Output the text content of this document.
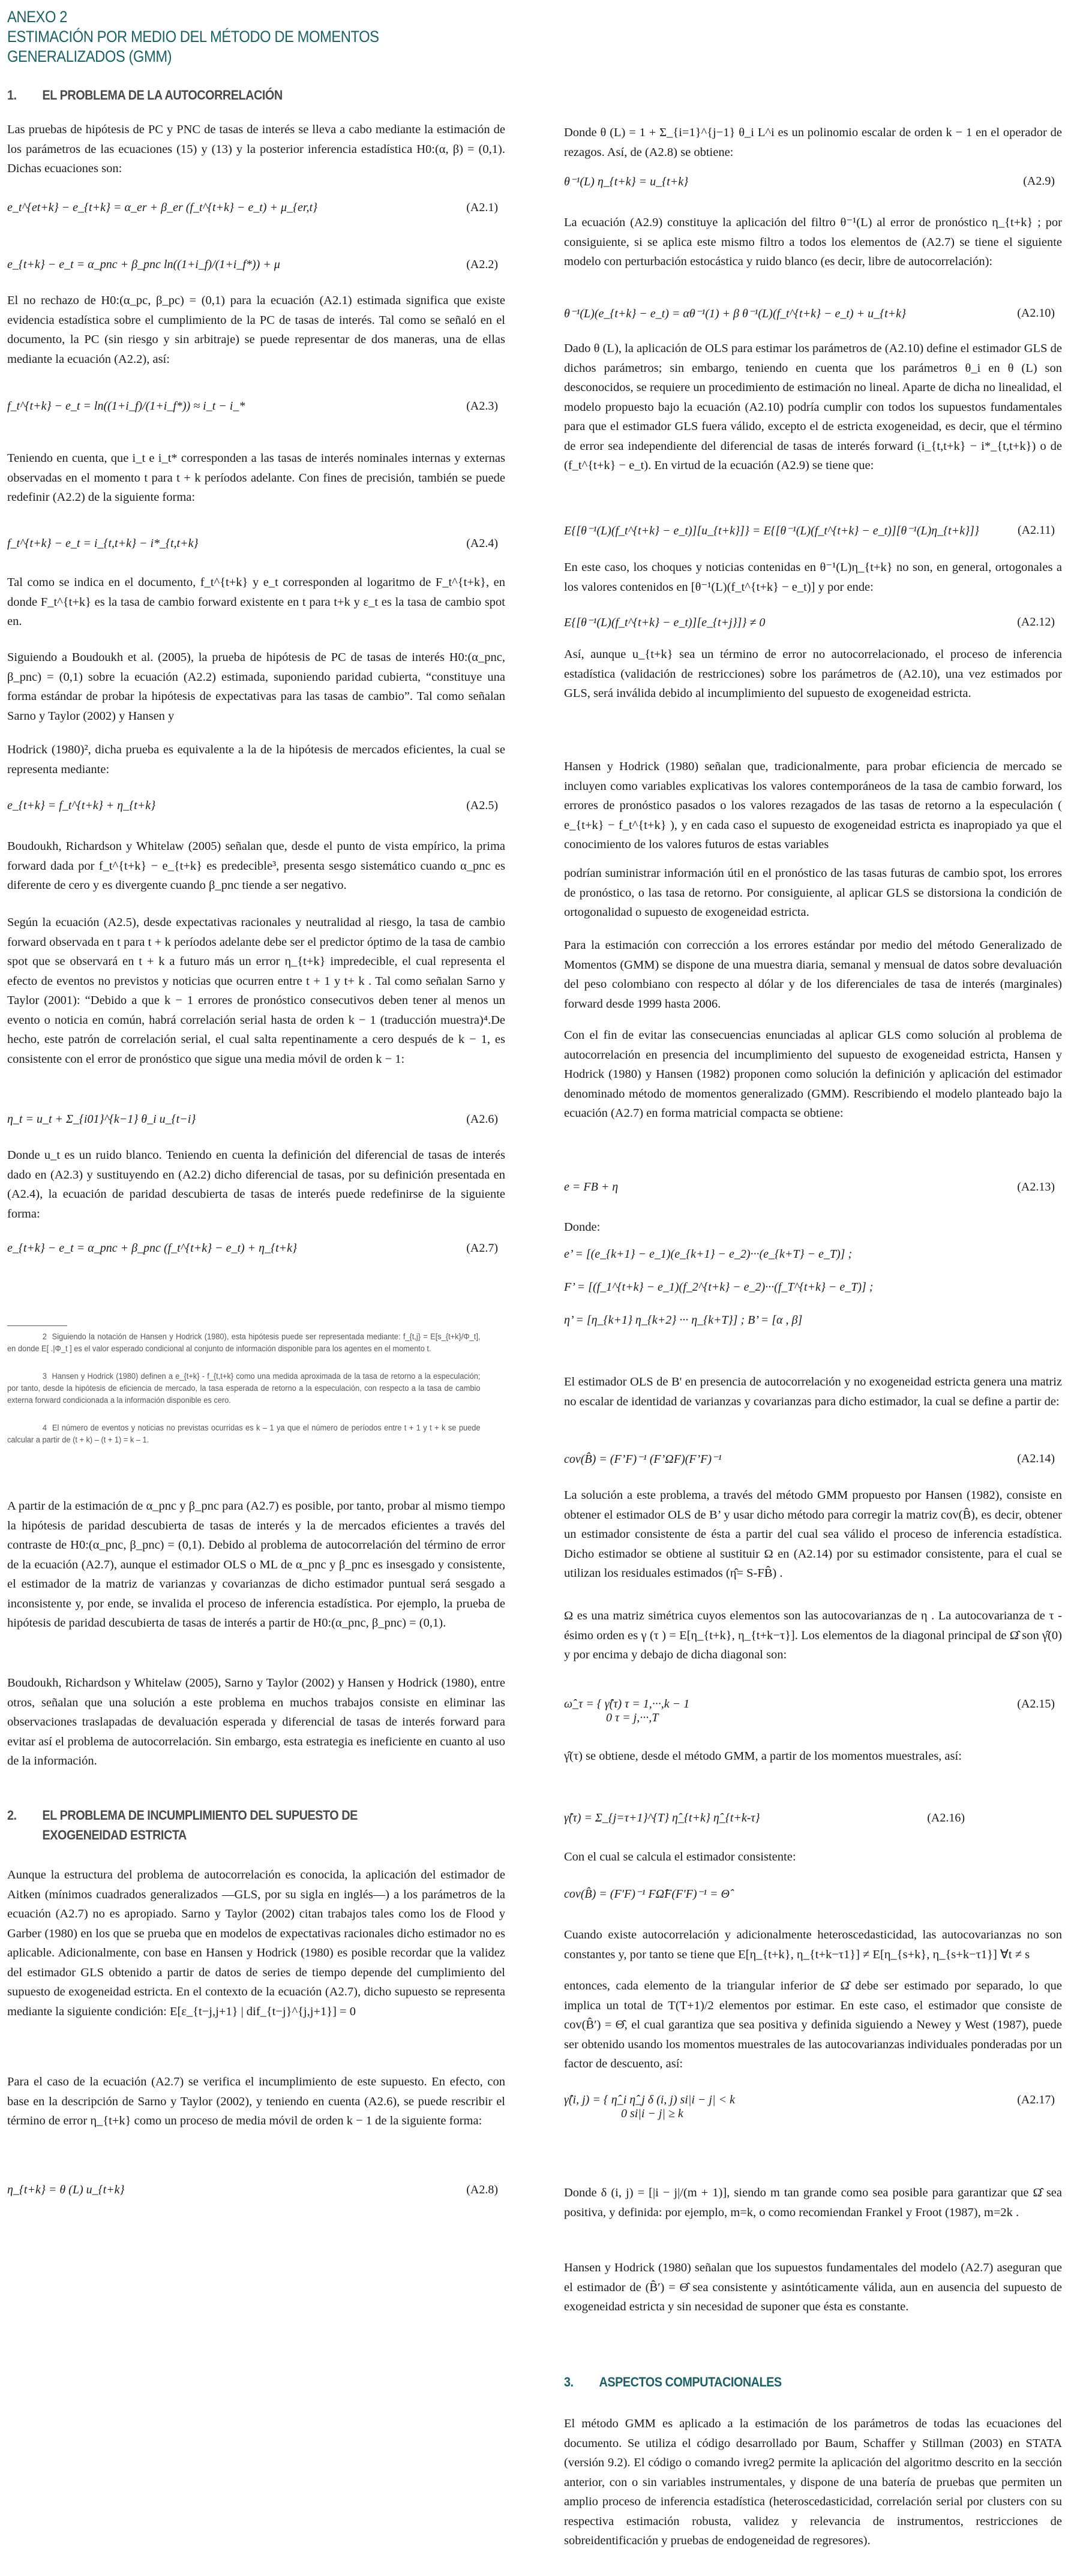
ANEXO 2
ESTIMACIÓN POR MEDIO DEL MÉTODO DE MOMENTOS
GENERALIZADOS (GMM)
1.	EL PROBLEMA DE LA AUTOCORRELACIÓN

Las pruebas de hipótesis de PC y PNC de tasas de interés se lleva a cabo mediante la estimación de los parámetros de las ecuaciones (15) y (13) y la posterior inferencia estadística H0:(α, β) = (0,1). Dichas ecuaciones son:

e_t^{et+k} − e_{t+k} = α_er + β_er (f_t^{t+k} − e_t) + μ_{er,t}	(A2.1)
e_{t+k} − e_t = α_pnc + β_pnc ln((1+i_f)/(1+i_f*)) + μ	(A2.2)

El no rechazo de H0:(α_pc, β_pc) = (0,1) para la ecuación (A2.1) estimada significa que existe evidencia estadística sobre el cumplimiento de la PC de tasas de interés. Tal como se señaló en el documento, la PC (sin riesgo y sin arbitraje) se puede representar de dos maneras, una de ellas mediante la ecuación (A2.2), así:

f_t^{t+k} − e_t = ln((1+i_f)/(1+i_f*)) ≈ i_t − i_*	(A2.3)

Teniendo en cuenta, que i_t e i_t* corresponden a las tasas de interés nominales internas y externas observadas en el momento t para t + k períodos adelante. Con fines de precisión, también se puede redefinir (A2.2) de la siguiente forma:

f_t^{t+k} − e_t = i_{t,t+k} − i*_{t,t+k}	(A2.4)

Tal como se indica en el documento, f_t^{t+k} y e_t corresponden al logaritmo de F_t^{t+k}, en donde F_t^{t+k} es la tasa de cambio forward existente en t para t+k y ε_t es la tasa de cambio spot en.

Siguiendo a Boudoukh et al. (2005), la prueba de hipótesis de PC de tasas de interés H0:(α_pnc, β_pnc) = (0,1) sobre la ecuación (A2.2) estimada, suponiendo paridad cubierta, “constituye una forma estándar de probar la hipótesis de expectativas para las tasas de cambio”. Tal como señalan Sarno y Taylor (2002) y Hansen y

Hodrick (1980)², dicha prueba es equivalente a la de la hipótesis de mercados eficientes, la cual se representa mediante:

e_{t+k} = f_t^{t+k} + η_{t+k}	(A2.5)

Boudoukh, Richardson y Whitelaw (2005) señalan que, desde el punto de vista empírico, la prima forward dada por f_t^{t+k} − e_{t+k} es predecible³, presenta sesgo sistemático cuando α_pnc es diferente de cero y es divergente cuando β_pnc tiende a ser negativo.

Según la ecuación (A2.5), desde expectativas racionales y neutralidad al riesgo, la tasa de cambio forward observada en t para t + k períodos adelante debe ser el predictor óptimo de la tasa de cambio spot que se observará en t + k a futuro más un error η_{t+k} impredecible, el cual representa el efecto de eventos no previstos y noticias que ocurren entre t + 1 y t+ k . Tal como señalan Sarno y Taylor (2001): “Debido a que k − 1 errores de pronóstico consecutivos deben tener al menos un evento o noticia en común, habrá correlación serial hasta de orden k − 1 (traducción muestra)⁴.De hecho, este patrón de correlación serial, el cual salta repentinamente a cero después de k − 1, es consistente con el error de pronóstico que sigue una media móvil de orden k − 1:

η_t = u_t + Σ_{i01}^{k−1} θ_i u_{t−i}	(A2.6)

Donde u_t es un ruido blanco. Teniendo en cuenta la definición del diferencial de tasas de interés dado en (A2.3) y sustituyendo en (A2.2) dicho diferencial de tasas, por su definición presentada en (A2.4), la ecuación de paridad descubierta de tasas de interés puede redefinirse de la siguiente forma:

e_{t+k} − e_t = α_pnc + β_pnc (f_t^{t+k} − e_t) + η_{t+k}	(A2.7)

2 Siguiendo la notación de Hansen y Hodrick (1980), esta hipótesis puede ser representada mediante: f_{t,j} = E[s_{t+k}/Φ_t], en donde E[ .|Φ_t ] es el valor esperado condicional al conjunto de información disponible para los agentes en el momento t.

3 Hansen y Hodrick (1980) definen a e_{t+k} - f_{t,t+k} como una medida aproximada de la tasa de retorno a la especulación; por tanto, desde la hipótesis de eficiencia de mercado, la tasa esperada de retorno a la especulación, con respecto a la tasa de cambio externa forward condicionada a la información disponible es cero.

4 El número de eventos y noticias no previstas ocurridas es k – 1 ya que el número de períodos entre t + 1 y t + k se puede calcular a partir de (t + k) – (t + 1) = k – 1.

A partir de la estimación de α_pnc y β_pnc para (A2.7) es posible, por tanto, probar al mismo tiempo la hipótesis de paridad descubierta de tasas de interés y la de mercados eficientes a través del contraste de H0:(α_pnc, β_pnc) = (0,1). Debido al problema de autocorrelación del término de error de la ecuación (A2.7), aunque el estimador OLS o ML de α_pnc y β_pnc es insesgado y consistente, el estimador de la matriz de varianzas y covarianzas de dicho estimador puntual será sesgado a inconsistente y, por ende, se invalida el proceso de inferencia estadística. Por ejemplo, la prueba de hipótesis de paridad descubierta de tasas de interés a partir de H0:(α_pnc, β_pnc) = (0,1).

Boudoukh, Richardson y Whitelaw (2005), Sarno y Taylor (2002) y Hansen y Hodrick (1980), entre otros, señalan que una solución a este problema en muchos trabajos consiste en eliminar las observaciones traslapadas de devaluación esperada y diferencial de tasas de interés forward para evitar así el problema de autocorrelación. Sin embargo, esta estrategia es ineficiente en cuanto al uso de la información.

2.	EL PROBLEMA DE INCUMPLIMIENTO DEL SUPUESTO DE
EXOGENEIDAD ESTRICTA

Aunque la estructura del problema de autocorrelación es conocida, la aplicación del estimador de Aitken (mínimos cuadrados generalizados —GLS, por su sigla en inglés—) a los parámetros de la ecuación (A2.7) no es apropiado. Sarno y Taylor (2002) citan trabajos tales como los de Flood y Garber (1980) en los que se prueba que en modelos de expectativas racionales dicho estimador no es aplicable. Adicionalmente, con base en Hansen y Hodrick (1980) es posible recordar que la validez del estimador GLS obtenido a partir de datos de series de tiempo depende del cumplimiento del supuesto de exogeneidad estricta. En el contexto de la ecuación (A2.7), dicho supuesto se representa mediante la siguiente condición: E[ε_{t−j,j+1} | dif_{t−j}^{j,j+1}] = 0

Para el caso de la ecuación (A2.7) se verifica el incumplimiento de este supuesto. En efecto, con base en la descripción de Sarno y Taylor (2002), y teniendo en cuenta (A2.6), se puede rescribir el término de error η_{t+k} como un proceso de media móvil de orden k − 1 de la siguiente forma:

η_{t+k} = θ (L) u_{t+k}	(A2.8)

Donde θ (L) = 1 + Σ_{i=1}^{j−1} θ_i L^i es un polinomio escalar de orden k − 1 en el operador de rezagos. Así, de (A2.8) se obtiene:

θ⁻¹(L) η_{t+k} = u_{t+k}	(A2.9)

La ecuación (A2.9) constituye la aplicación del filtro θ⁻¹(L) al error de pronóstico η_{t+k} ; por consiguiente, si se aplica este mismo filtro a todos los elementos de (A2.7) se tiene el siguiente modelo con perturbación estocástica y ruido blanco (es decir, libre de autocorrelación):

θ⁻¹(L)(e_{t+k} − e_t) = αθ⁻¹(1) + β θ⁻¹(L)(f_t^{t+k} − e_t) + u_{t+k}	(A2.10)

Dado θ (L), la aplicación de OLS para estimar los parámetros de (A2.10) define el estimador GLS de dichos parámetros; sin embargo, teniendo en cuenta que los parámetros θ_i en θ (L) son desconocidos, se requiere un procedimiento de estimación no lineal. Aparte de dicha no linealidad, el modelo propuesto bajo la ecuación (A2.10) podría cumplir con todos los supuestos fundamentales para que el estimador GLS fuera válido, excepto el de estricta exogeneidad, es decir, que el término de error sea independiente del diferencial de tasas de interés forward (i_{t,t+k} − i*_{t,t+k}) o de (f_t^{t+k} − e_t). En virtud de la ecuación (A2.9) se tiene que:

E{[θ⁻¹(L)(f_t^{t+k} − e_t)][u_{t+k}]} = E{[θ⁻¹(L)(f_t^{t+k} − e_t)][θ⁻¹(L)η_{t+k}]}	(A2.11)

En este caso, los choques y noticias contenidas en θ⁻¹(L)η_{t+k} no son, en general, ortogonales a los valores contenidos en [θ⁻¹(L)(f_t^{t+k} − e_t)] y por ende:

E{[θ⁻¹(L)(f_t^{t+k} − e_t)][e_{t+j}]} ≠ 0	(A2.12)

Así, aunque u_{t+k} sea un término de error no autocorrelacionado, el proceso de inferencia estadística (validación de restricciones) sobre los parámetros de (A2.10), una vez estimados por GLS, será inválida debido al incumplimiento del supuesto de exogeneidad estricta.

Hansen y Hodrick (1980) señalan que, tradicionalmente, para probar eficiencia de mercado se incluyen como variables explicativas los valores contemporáneos de la tasa de cambio forward, los errores de pronóstico pasados o los valores rezagados de las tasas de retorno a la especulación ( e_{t+k} − f_t^{t+k} ), y en cada caso el supuesto de exogeneidad estricta es inapropiado ya que el conocimiento de los valores futuros de estas variables

podrían suministrar información útil en el pronóstico de las tasas futuras de cambio spot, los errores de pronóstico, o las tasa de retorno. Por consiguiente, al aplicar GLS se distorsiona la condición de ortogonalidad o supuesto de exogeneidad estricta.

Para la estimación con corrección a los errores estándar por medio del método Generalizado de Momentos (GMM) se dispone de una muestra diaria, semanal y mensual de datos sobre devaluación del peso colombiano con respecto al dólar y de los diferenciales de tasa de interés (marginales) forward desde 1999 hasta 2006.

Con el fin de evitar las consecuencias enunciadas al aplicar GLS como solución al problema de autocorrelación en presencia del incumplimiento del supuesto de exogeneidad estricta, Hansen y Hodrick (1980) y Hansen (1982) proponen como solución la definición y aplicación del estimador denominado método de momentos generalizado (GMM). Rescribiendo el modelo planteado bajo la ecuación (A2.7) en forma matricial compacta se obtiene:

e = FB + η	(A2.13)

Donde:

e’ = [(e_{k+1} − e_1)(e_{k+1} − e_2)···(e_{k+T} − e_T)] ;
F’ = [(f_1^{t+k} − e_1)(f_2^{t+k} − e_2)···(f_T^{t+k} − e_T)] ;
η’ = [η_{k+1} η_{k+2} ··· η_{k+T}] ; B’ = [α , β]

El estimador OLS de B' en presencia de autocorrelación y no exogeneidad estricta genera una matriz no escalar de identidad de varianzas y covarianzas para dicho estimador, la cual se define a partir de:

cov(B̂) = (F’F)⁻¹ (F’ΩF)(F’F)⁻¹	(A2.14)

La solución a este problema, a través del método GMM propuesto por Hansen (1982), consiste en obtener el estimador OLS de B’ y usar dicho método para corregir la matriz cov(B̂), es decir, obtener un estimador consistente de ésta a partir del cual sea válido el proceso de inferencia estadística. Dicho estimador se obtiene al sustituir Ω en (A2.14) por su estimador consistente, para el cual se utilizan los residuales estimados (η̂= S-FB̂) .

Ω es una matriz simétrica cuyos elementos son las autocovarianzas de η . La autocovarianza de τ - ésimo orden es γ (τ ) = E[η_{t+k}, η_{t+k−τ}]. Los elementos de la diagonal principal de Ω̂ son γ̂(0) y por encima y debajo de dicha diagonal son:

ω̂_τ = { γ̂(τ) τ = 1,···,k − 1	(A2.15)
0 τ = j,···,T

γ̂(τ) se obtiene, desde el método GMM, a partir de los momentos muestrales, así:

γ̂(τ) = Σ_{j=τ+1}^{T} η̂_{t+k} η̂_{t+k-τ}	(A2.16)

Con el cual se calcula el estimador consistente:

cov(B̂) = (F′F)⁻¹ FΩ̂F(F′F)⁻¹ = Θ̂

Cuando existe autocorrelación y adicionalmente heteroscedasticidad, las autocovarianzas no son constantes y, por tanto se tiene que E[η_{t+k}, η_{t+k−τ1}] ≠ E[η_{s+k}, η_{s+k−τ1}] ∀t ≠ s

entonces, cada elemento de la triangular inferior de Ω̂ debe ser estimado por separado, lo que implica un total de T(T+1)/2 elementos por estimar. En este caso, el estimador que consiste de cov(B̂′) = Θ̂, el cual garantiza que sea positiva y definida siguiendo a Newey y West (1987), puede ser obtenido usando los momentos muestrales de las autocovarianzas individuales ponderadas por un factor de descuento, así:

γ̂(i, j) = { η̂_i η̂_j δ (i, j) si|i − j| < k	(A2.17)
0 si|i − j| ≥ k

Donde δ (i, j) = [|i − j|/(m + 1)], siendo m tan grande como sea posible para garantizar que Ω̂ sea positiva, y definida: por ejemplo, m=k, o como recomiendan Frankel y Froot (1987), m=2k .

Hansen y Hodrick (1980) señalan que los supuestos fundamentales del modelo (A2.7) aseguran que el estimador de (B̂′) = Θ̂ sea consistente y asintóticamente válida, aun en ausencia del supuesto de exogeneidad estricta y sin necesidad de suponer que ésta es constante.

3.	ASPECTOS COMPUTACIONALES

El método GMM es aplicado a la estimación de los parámetros de todas las ecuaciones del documento. Se utiliza el código desarrollado por Baum, Schaffer y Stillman (2003) en STATA (versión 9.2). El código o comando ivreg2 permite la aplicación del algoritmo descrito en la sección anterior, con o sin variables instrumentales, y dispone de una batería de pruebas que permiten un amplio proceso de inferencia estadística (heteroscedasticidad, correlación serial por clusters con su respectiva estimación robusta, validez y relevancia de instrumentos, restricciones de sobreidentificación y pruebas de endogeneidad de regresores).
